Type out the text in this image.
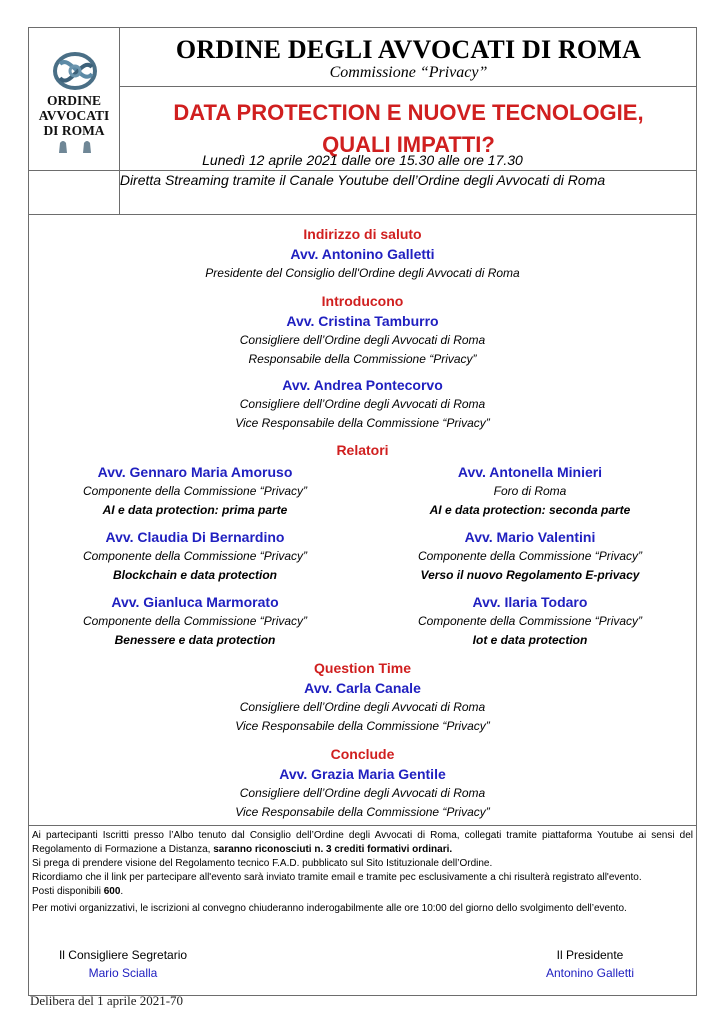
ORDINE
AVVOCATI
DI ROMA
ORDINE DEGLI AVVOCATI DI ROMA
Commissione “Privacy”
DATA PROTECTION E NUOVE TECNOLOGIE,
QUALI IMPATTI?
Lunedì 12 aprile 2021 dalle ore 15.30 alle ore 17.30
Diretta Streaming tramite il Canale Youtube dell’Ordine degli Avvocati di Roma
Indirizzo di saluto
Avv. Antonino Galletti
Presidente del Consiglio dell'Ordine degli Avvocati di Roma
Introducono
Avv. Cristina Tamburro
Consigliere dell’Ordine degli Avvocati di Roma
Responsabile della Commissione “Privacy”
Avv. Andrea Pontecorvo
Consigliere dell’Ordine degli Avvocati di Roma
Vice Responsabile della Commissione “Privacy”
Relatori
Avv. Gennaro Maria Amoruso
Componente della Commissione “Privacy”
AI e data protection: prima parte
Avv. Antonella Minieri
Foro di Roma
AI e data protection: seconda parte
Avv. Claudia Di Bernardino
Componente della Commissione “Privacy”
Blockchain e data protection
Avv. Mario Valentini
Componente della Commissione “Privacy”
Verso il nuovo Regolamento E-privacy
Avv. Gianluca Marmorato
Componente della Commissione “Privacy”
Benessere e data protection
Avv. Ilaria Todaro
Componente della Commissione “Privacy”
Iot e data protection
Question Time
Avv. Carla Canale
Consigliere dell’Ordine degli Avvocati di Roma
Vice Responsabile della Commissione “Privacy”
Conclude
Avv. Grazia Maria Gentile
Consigliere dell’Ordine degli Avvocati di Roma
Vice Responsabile della Commissione “Privacy”

Ai partecipanti Iscritti presso l’Albo tenuto dal Consiglio dell’Ordine degli Avvocati di Roma, collegati tramite piattaforma Youtube ai sensi del Regolamento di Formazione a Distanza, saranno riconosciuti n. 3 crediti formativi ordinari.

Si prega di prendere visione del Regolamento tecnico F.A.D. pubblicato sul Sito Istituzionale dell’Ordine.

Ricordiamo che il link per partecipare all'evento sarà inviato tramite email e tramite pec esclusivamente a chi risulterà registrato all'evento.

Posti disponibili 600.

Per motivi organizzativi, le iscrizioni al convegno chiuderanno inderogabilmente alle ore 10:00 del giorno dello svolgimento dell’evento.

Il Consigliere Segretario
Mario Scialla
Il Presidente
Antonino Galletti
Delibera del 1 aprile 2021-70
